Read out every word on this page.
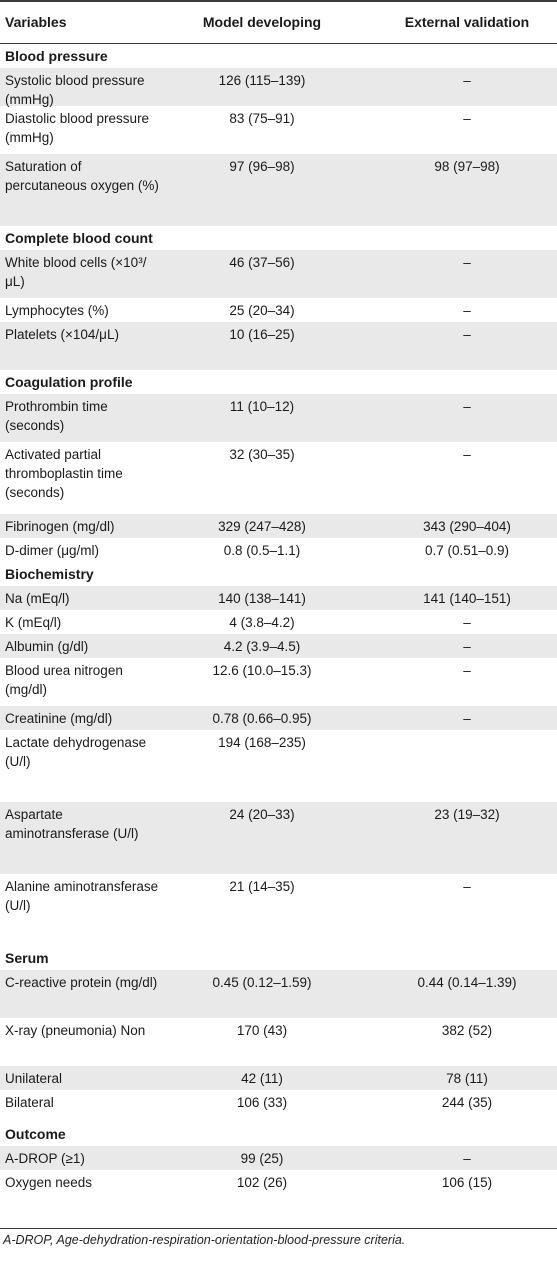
Variables	Model developing	External validation
Blood pressure
Systolic blood pressure (mmHg)
126 (115–139)	–
Diastolic blood pressure (mmHg)
83 (75–91)	–
Saturation of percutaneous oxygen (%)
97 (96–98)	98 (97–98)
Complete blood count
White blood cells (×10³/μL)
46 (37–56)	–
Lymphocytes (%)	25 (20–34)	–
Platelets (×104/μL)	10 (16–25)	–
Coagulation profile
Prothrombin time (seconds)
11 (10–12)	–
Activated partial thromboplastin time (seconds)
32 (30–35)	–
Fibrinogen (mg/dl)	329 (247–428)	343 (290–404)
D-dimer (μg/ml)	0.8 (0.5–1.1)	0.7 (0.51–0.9)
Biochemistry
Na (mEq/l)	140 (138–141)	141 (140–151)
K (mEq/l)	4 (3.8–4.2)	–
Albumin (g/dl)	4.2 (3.9–4.5)	–
Blood urea nitrogen (mg/dl)
12.6 (10.0–15.3)	–
Creatinine (mg/dl)	0.78 (0.66–0.95)	–
Lactate dehydrogenase (U/l)
194 (168–235)
Aspartate aminotransferase (U/l)
24 (20–33)	23 (19–32)
Alanine aminotransferase (U/l)
21 (14–35)	–
Serum
C-reactive protein (mg/dl)	0.45 (0.12–1.59)	0.44 (0.14–1.39)
X-ray (pneumonia) Non	170 (43)	382 (52)
Unilateral	42 (11)	78 (11)
Bilateral	106 (33)	244 (35)
Outcome
A-DROP (≥1)	99 (25)	–
Oxygen needs	102 (26)	106 (15)
A-DROP, Age-dehydration-respiration-orientation-blood-pressure criteria.
